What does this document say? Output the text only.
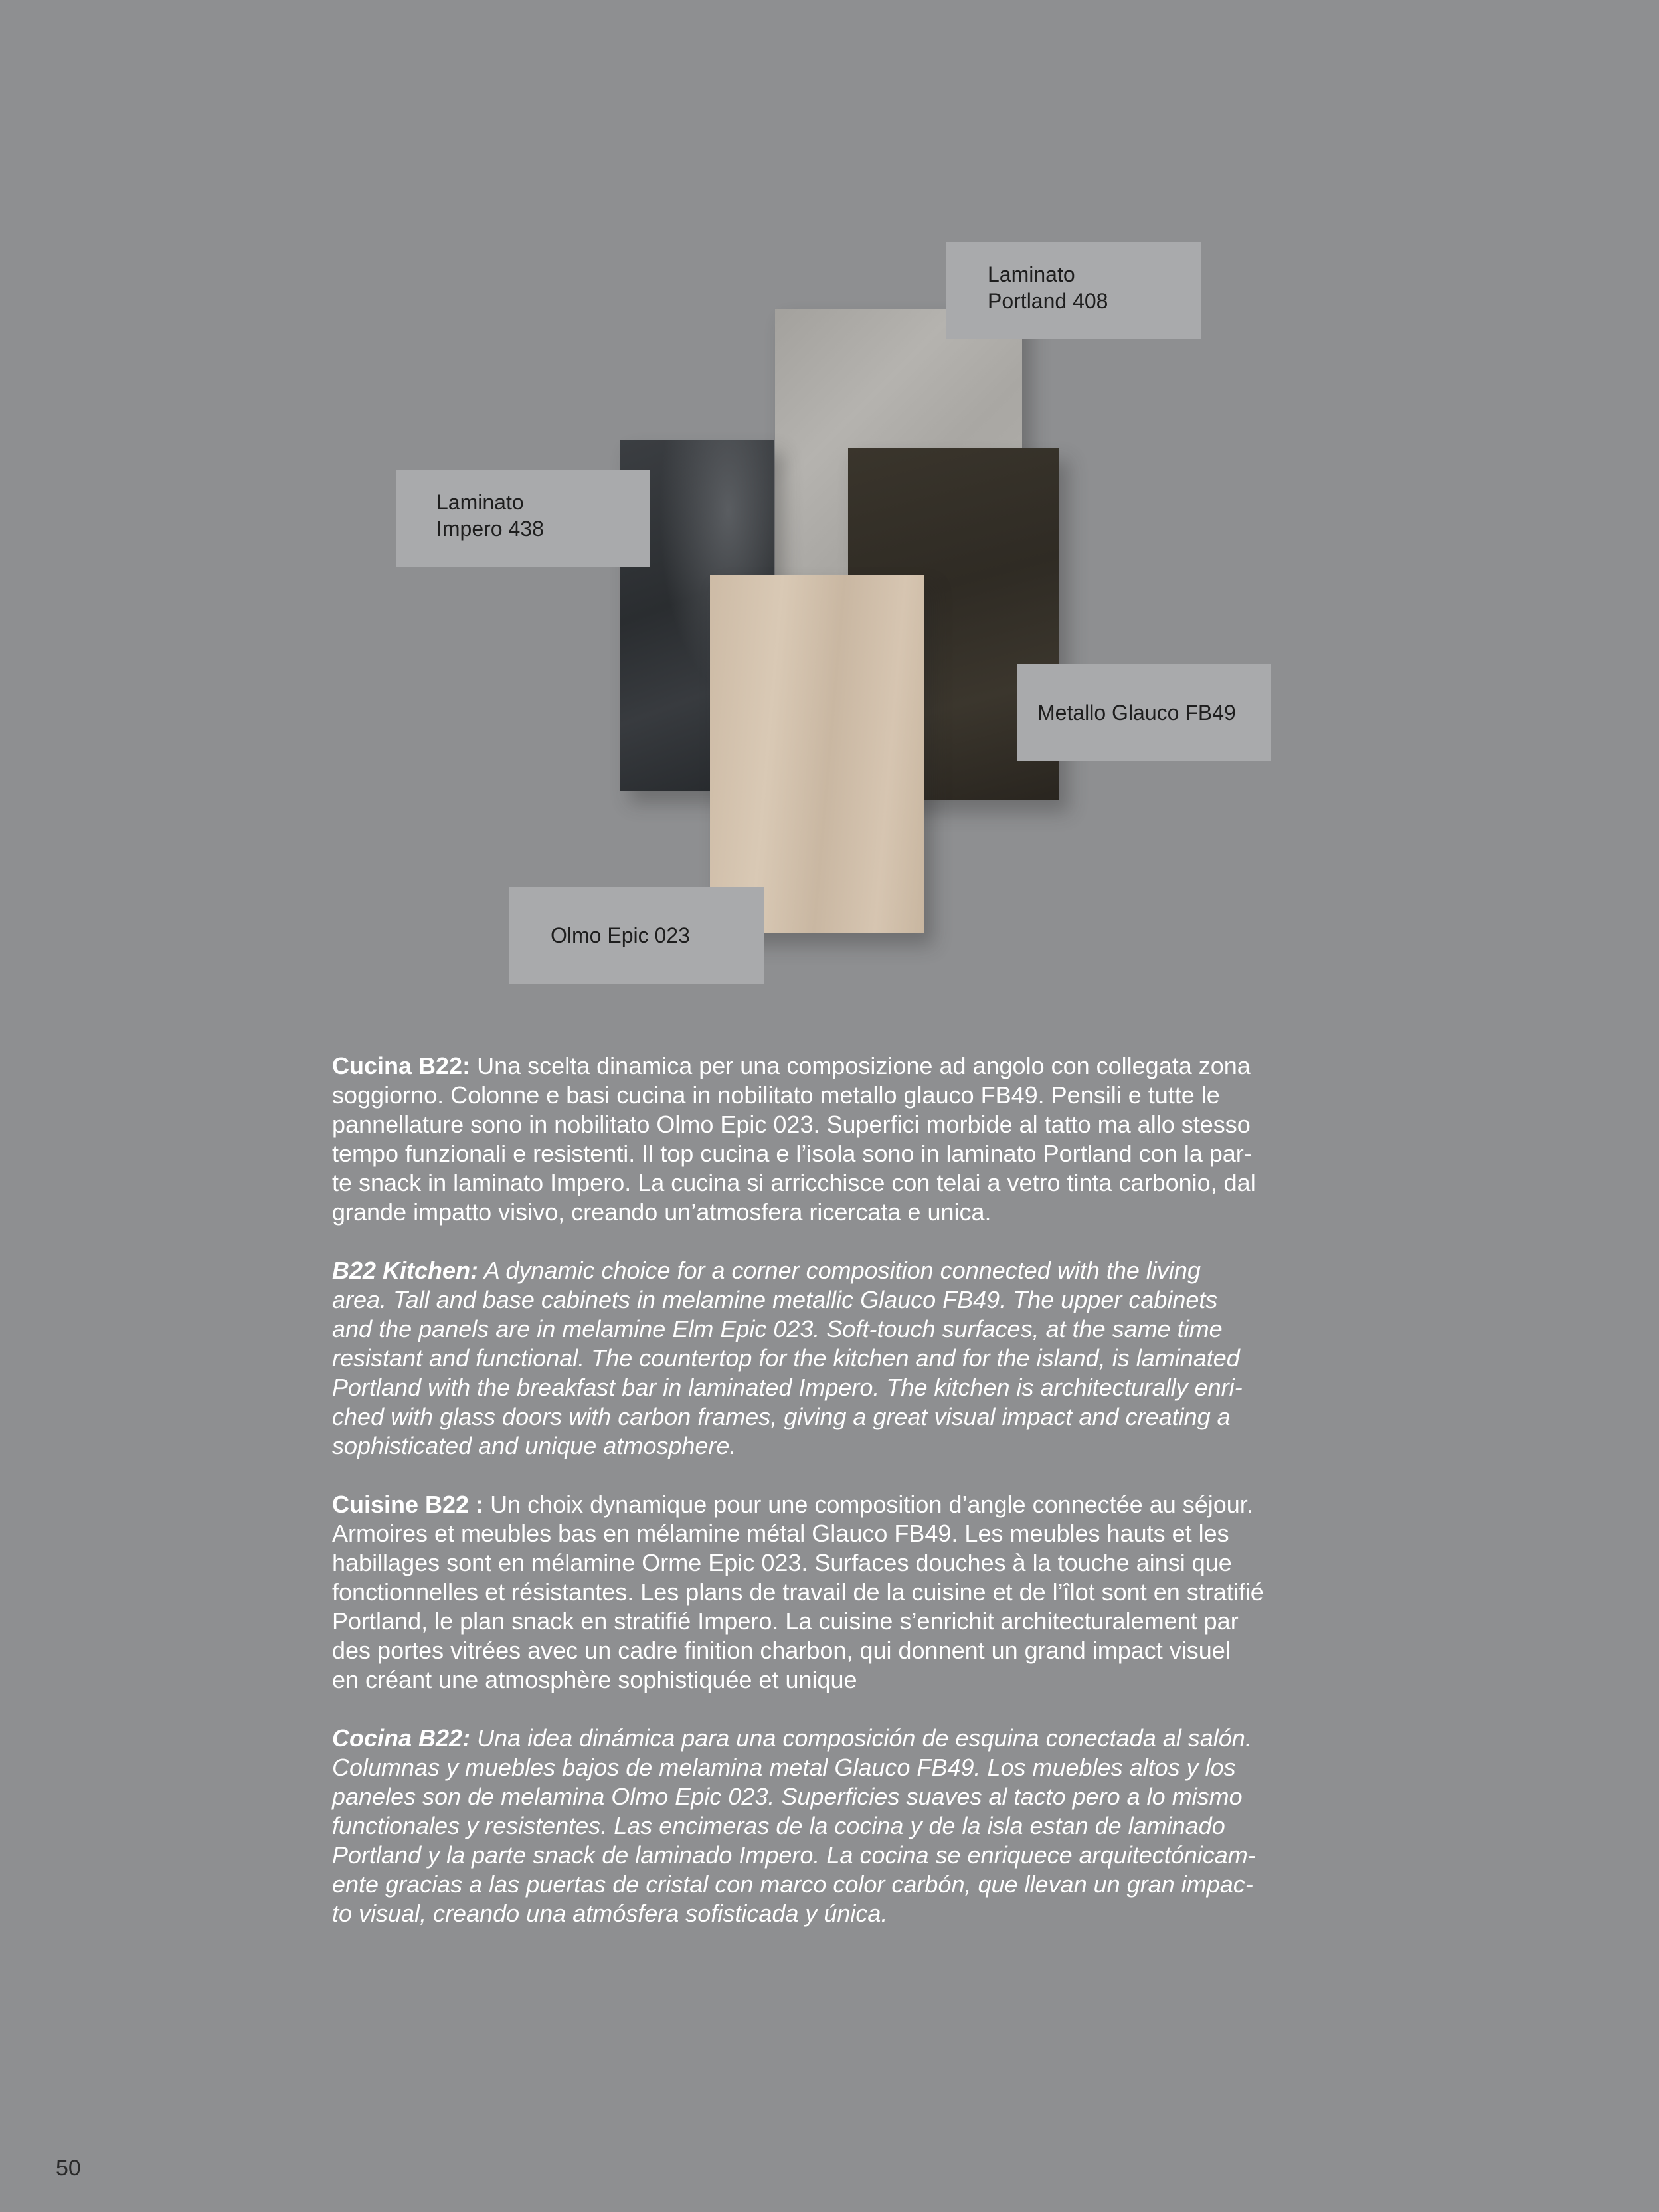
Laminato
Portland 408
Laminato
Impero 438
Metallo Glauco FB49
Olmo Epic 023
Cucina B22: Una scelta dinamica per una composizione ad angolo con collegata zona
soggiorno. Colonne e basi cucina in nobilitato metallo glauco FB49. Pensili e tutte le
pannellature sono in nobilitato Olmo Epic 023. Superfici morbide al tatto ma allo stesso
tempo funzionali e resistenti. Il top cucina e l’isola sono in laminato Portland con la par-
te snack in laminato Impero. La cucina si arricchisce con telai a vetro tinta carbonio, dal
grande impatto visivo, creando un’atmosfera ricercata e unica.
B22 Kitchen: A dynamic choice for a corner composition connected with the living
area. Tall and base cabinets in melamine metallic Glauco FB49. The upper cabinets
and the panels are in melamine Elm Epic 023. Soft-touch surfaces, at the same time
resistant and functional. The countertop for the kitchen and for the island, is laminated
Portland with the breakfast bar in laminated Impero. The kitchen is architecturally enri-
ched with glass doors with carbon frames, giving a great visual impact and creating a
sophisticated and unique atmosphere.
Cuisine B22 : Un choix dynamique pour une composition d’angle connectée au séjour.
Armoires et meubles bas en mélamine métal Glauco FB49. Les meubles hauts et les
habillages sont en mélamine Orme Epic 023. Surfaces douches à la touche ainsi que
fonctionnelles et résistantes. Les plans de travail de la cuisine et de l’îlot sont en stratifié
Portland, le plan snack en stratifié Impero. La cuisine s’enrichit architecturalement par
des portes vitrées avec un cadre finition charbon, qui donnent un grand impact visuel
en créant une atmosphère sophistiquée et unique
Cocina B22: Una idea dinámica para una composición de esquina conectada al salón.
Columnas y muebles bajos de melamina metal Glauco FB49. Los muebles altos y los
paneles son de melamina Olmo Epic 023. Superficies suaves al tacto pero a lo mismo
functionales y resistentes. Las encimeras de la cocina y de la isla estan de laminado
Portland y la parte snack de laminado Impero. La cocina se enriquece arquitectónicam-
ente gracias a las puertas de cristal con marco color carbón, que llevan un gran impac-
to visual, creando una atmósfera sofisticada y única.
50
